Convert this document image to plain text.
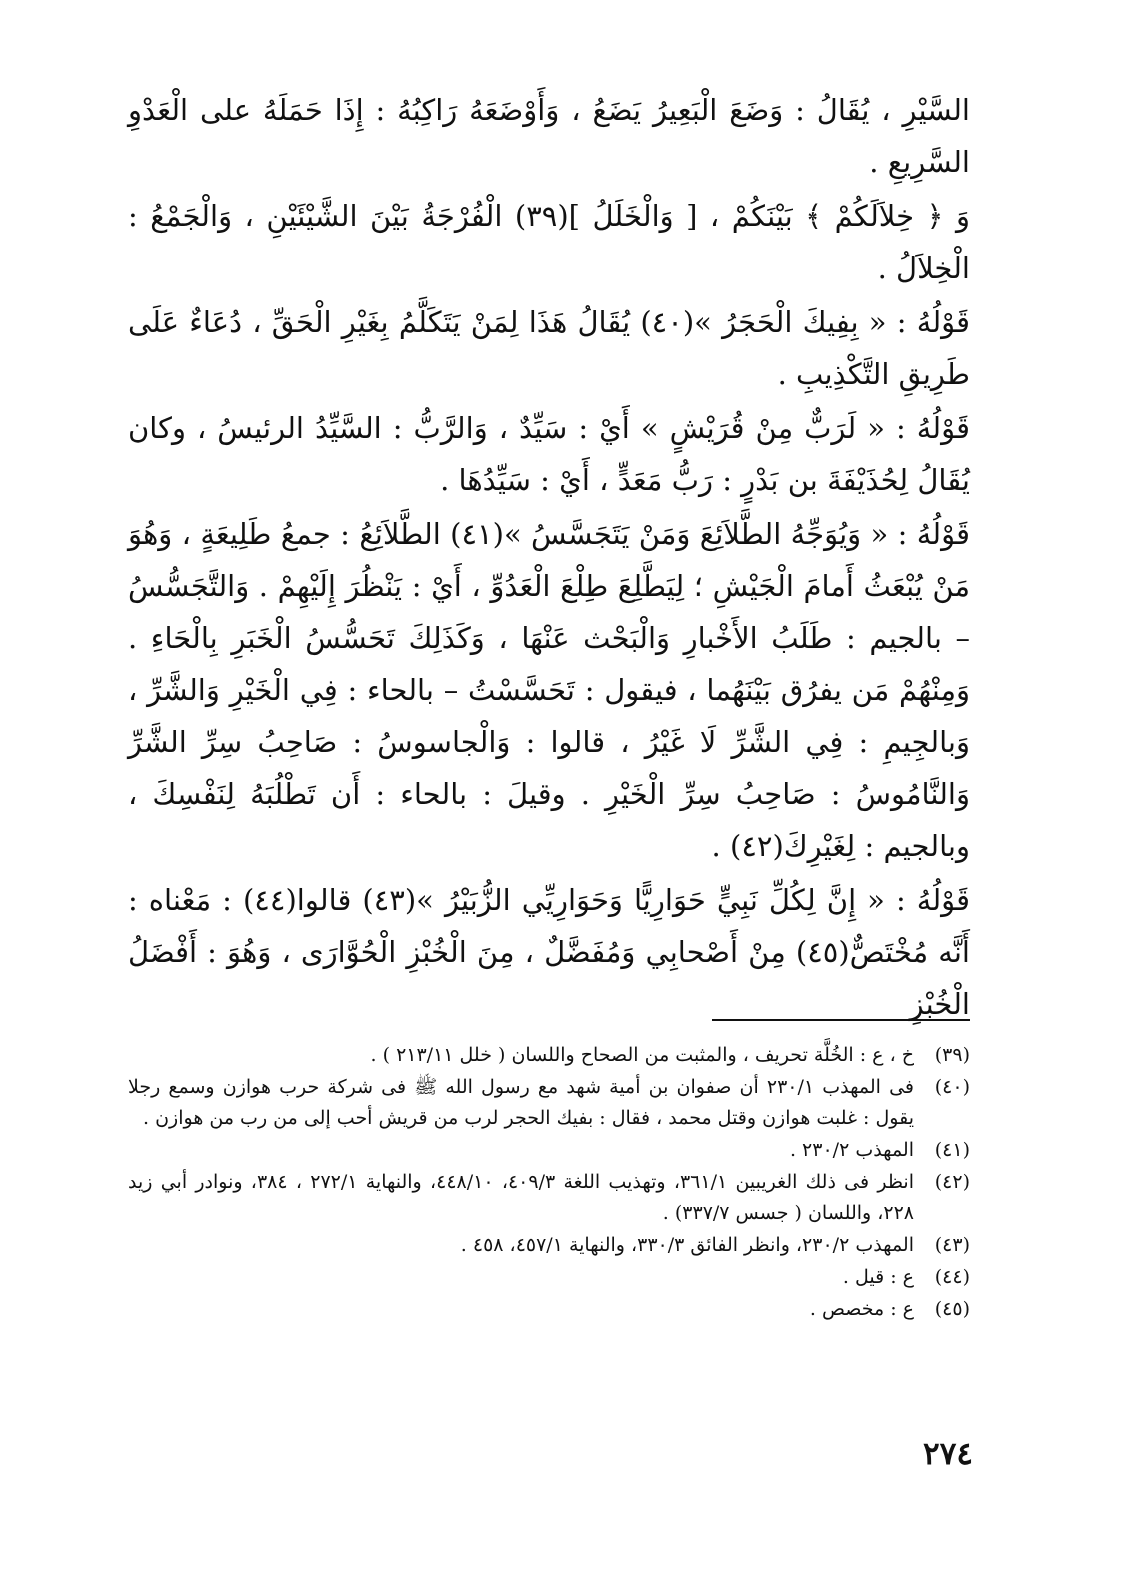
السَّيْرِ ، يُقَالُ : وَضَعَ الْبَعِيرُ يَضَعُ ، وَأَوْضَعَهُ رَاكِبُهُ : إِذَا حَمَلَهُ على الْعَدْوِ السَّرِيعِ .

وَ ﴿ خِلاَلَكُمْ ﴾ بَيْنَكُمْ ، [ وَالْخَلَلُ ](٣٩) الْفُرْجَةُ بَيْنَ الشَّيْئَيْنِ ، وَالْجَمْعُ : الْخِلاَلُ .

قَوْلُهُ : « بِفِيكَ الْحَجَرُ »(٤٠) يُقَالُ هَذَا لِمَنْ يَتَكَلَّمُ بِغَيْرِ الْحَقِّ ، دُعَاءٌ عَلَى طَرِيقِ التَّكْذِيبِ .

قَوْلُهُ : « لَرَبٌّ مِنْ قُرَيْشٍ » أَيْ : سَيِّدٌ ، وَالرَّبُّ : السَّيِّدُ الرئيسُ ، وكان يُقَالُ لِحُذَيْفَةَ بن بَدْرٍ : رَبُّ مَعَدٍّ ، أَيْ : سَيِّدُهَا .

قَوْلُهُ : « وَيُوَجِّهُ الطَّلاَئِعَ وَمَنْ يَتَجَسَّسُ »(٤١) الطَّلاَئِعُ : جمعُ طَلِيعَةٍ ، وَهُوَ مَنْ يُبْعَثُ أَمامَ الْجَيْشِ ؛ لِيَطَّلِعَ طِلْعَ الْعَدُوِّ ، أَيْ : يَنْظُرَ إِلَيْهِمْ . وَالتَّجَسُّسُ – بالجيم : طَلَبُ الأَخْبارِ وَالْبَحْث عَنْهَا ، وَكَذَلِكَ تَحَسُّسُ الْخَبَرِ بِالْحَاءِ . وَمِنْهُمْ مَن يفرُق بَيْنَهُما ، فيقول : تَحَسَّسْتُ – بالحاء : فِي الْخَيْرِ وَالشَّرِّ ، وَبالجِيمِ : فِي الشَّرِّ لَا غَيْرُ ، قالوا : وَالْجاسوسُ : صَاحِبُ سِرِّ الشَّرِّ وَالنَّامُوسُ : صَاحِبُ سِرِّ الْخَيْرِ . وقيلَ : بالحاء : أَن تَطْلُبَهُ لِنَفْسِكَ ، وبالجيم : لِغَيْرِكَ(٤٢) .

قَوْلُهُ : « إِنَّ لِكُلِّ نَبِيٍّ حَوَارِيًّا وَحَوَارِيِّي الزُّبَيْرُ »(٤٣) قالوا(٤٤) : مَعْناه : أَنَّه مُخْتَصٌّ(٤٥) مِنْ أَصْحابِي وَمُفَضَّلٌ ، مِنَ الْخُبْزِ الْحُوَّارَى ، وَهُوَ : أَفْضَلُ الْخُبْزِ

(٣٩)
خ ، ع : الخُلَّة تحريف ، والمثبت من الصحاح واللسان ( خلل ٢١٣/١١ ) .
(٤٠)
فى المهذب ٢٣٠/١ أن صفوان بن أمية شهد مع رسول الله ﷺ فى شركة حرب هوازن وسمع رجلا يقول : غلبت هوازن وقتل محمد ، فقال : بفيك الحجر لرب من قريش أحب إلى من رب من هوازن .
(٤١)
المهذب ٢٣٠/٢ .
(٤٢)
انظر فى ذلك الغريبين ٣٦١/١، وتهذيب اللغة ٤٠٩/٣، ٤٤٨/١٠، والنهاية ٢٧٢/١ ، ٣٨٤، ونوادر أبي زيد ٢٢٨، واللسان ( جسس ٣٣٧/٧) .
(٤٣)
المهذب ٢٣٠/٢، وانظر الفائق ٣٣٠/٣، والنهاية ٤٥٧/١، ٤٥٨ .
(٤٤)
ع : قيل .
(٤٥)
ع : مخصص .
٢٧٤
